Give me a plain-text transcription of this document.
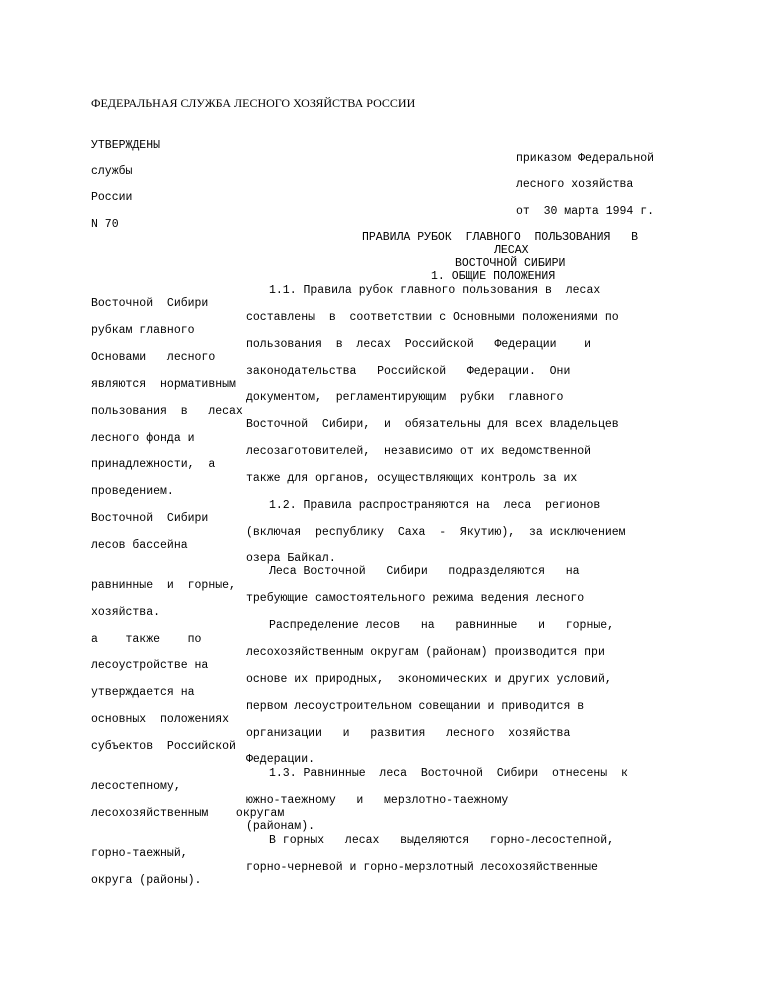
ФЕДЕРАЛЬНАЯ СЛУЖБА ЛЕСНОГО ХОЗЯЙСТВА РОССИИ

УТВЕРЖДЕНЫ

приказом Федеральной

службы

лесного хозяйства

России

от  30 марта 1994 г.

N 70

ПРАВИЛА РУБОК  ГЛАВНОГО  ПОЛЬЗОВАНИЯ   В

ЛЕСАХ

ВОСТОЧНОЙ СИБИРИ

1. ОБЩИЕ ПОЛОЖЕНИЯ

1.1. Правила рубок главного пользования в  лесах

Восточной  Сибири

составлены  в  соответствии с Основными положениями по

рубкам главного

пользования  в  лесах  Российской   Федерации    и

Основами   лесного

законодательства   Российской   Федерации.  Они

являются  нормативным

документом,  регламентирующим  рубки  главного

пользования  в   лесах

Восточной  Сибири,  и  обязательны для всех владельцев

лесного фонда и

лесозаготовителей,  независимо от их ведомственной

принадлежности,  а

также для органов, осуществляющих контроль за их

проведением.

1.2. Правила распространяются на  леса  регионов

Восточной  Сибири

(включая  республику  Саха  -  Якутию),  за исключением

лесов бассейна

озера Байкал.

Леса Восточной   Сибири   подразделяются   на

равнинные  и  горные,

требующие самостоятельного режима ведения лесного

хозяйства.

Распределение лесов   на   равнинные   и   горные,

а    также    по

лесохозяйственным округам (районам) производится при

лесоустройстве на

основе их природных,  экономических и других условий,

утверждается на

первом лесоустроительном совещании и приводится в

основных  положениях

организации   и   развития   лесного  хозяйства

субъектов  Российской

Федерации.

1.3. Равнинные  леса  Восточной  Сибири  отнесены  к

лесостепному,

южно-таежному   и   мерзлотно-таежному

лесохозяйственным    округам

(районам).

В горных   лесах   выделяются   горно-лесостепной,

горно-таежный,

горно-черневой и горно-мерзлотный лесохозяйственные

округа (районы).
